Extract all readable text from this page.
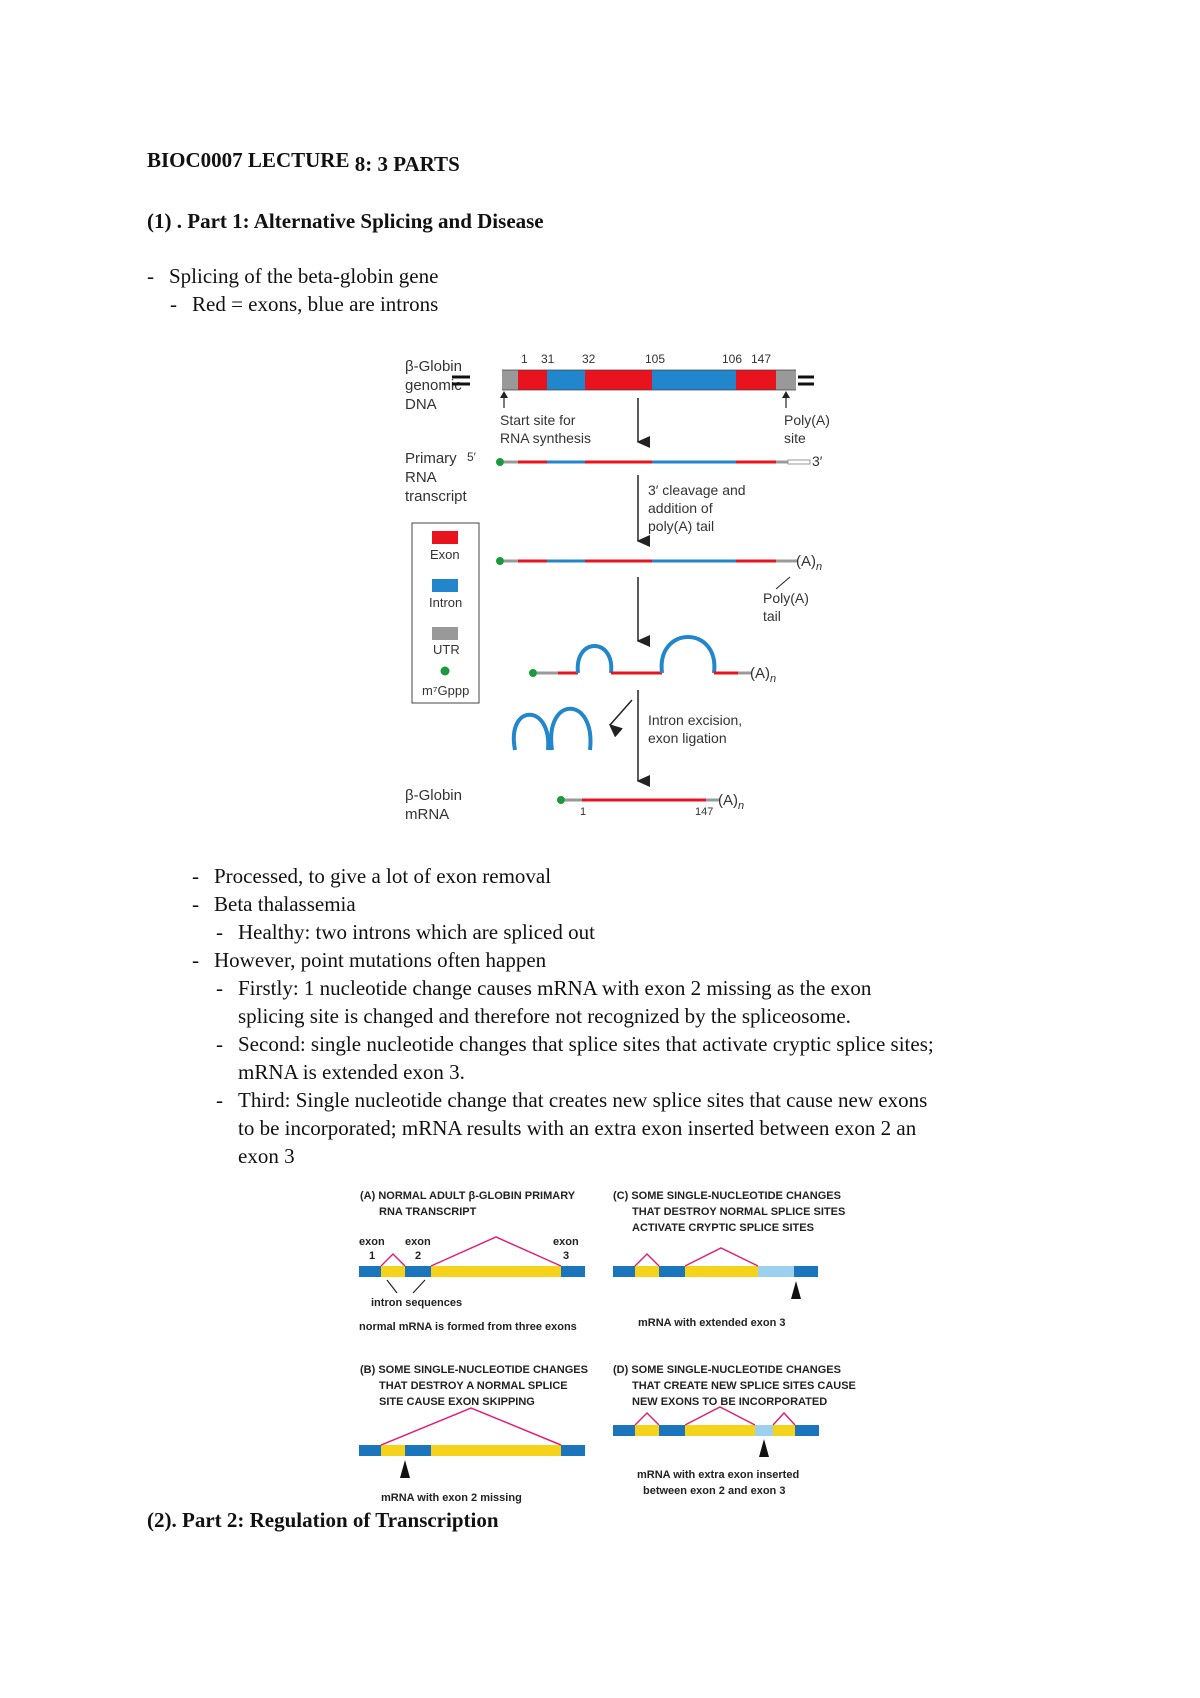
BIOC0007 LECTURE 8: 3 PARTS
(1) . Part 1: Alternative Splicing and Disease
- Splicing of the beta-globin gene
- Red = exons, blue are introns
β-Globin genomic DNA
Primary RNA transcript
β-Globin mRNA
1 31 32	105	106 147
Start site for RNA synthesis
Poly(A) site
5′	3′
3′ cleavage and addition of poly(A) tail
Exon
Intron
UTR
m⁷Gppp
$(A)_n$
Poly(A) tail
$(A)_n$
Intron excision, exon ligation
$(A)_n$
1	147
- Processed, to give a lot of exon removal
- Beta thalassemia
- Healthy: two introns which are spliced out
- However, point mutations often happen
- Firstly: 1 nucleotide change causes mRNA with exon 2 missing as the exon
splicing site is changed and therefore not recognized by the spliceosome.
- Second: single nucleotide changes that splice sites that activate cryptic splice sites;
mRNA is extended exon 3.
- Third: Single nucleotide change that creates new splice sites that cause new exons
to be incorporated; mRNA results with an extra exon inserted between exon 2 an
exon 3
(A) NORMAL ADULT β-GLOBIN PRIMARY RNA TRANSCRIPT
exon 1
exon 2
exon 3
intron sequences
normal mRNA is formed from three exons
(C) SOME SINGLE-NUCLEOTIDE CHANGES THAT DESTROY NORMAL SPLICE SITES ACTIVATE CRYPTIC SPLICE SITES
mRNA with extended exon 3
(B) SOME SINGLE-NUCLEOTIDE CHANGES THAT DESTROY A NORMAL SPLICE SITE CAUSE EXON SKIPPING
mRNA with exon 2 missing
(D) SOME SINGLE-NUCLEOTIDE CHANGES THAT CREATE NEW SPLICE SITES CAUSE NEW EXONS TO BE INCORPORATED
mRNA with extra exon inserted between exon 2 and exon 3
(2). Part 2: Regulation of Transcription
